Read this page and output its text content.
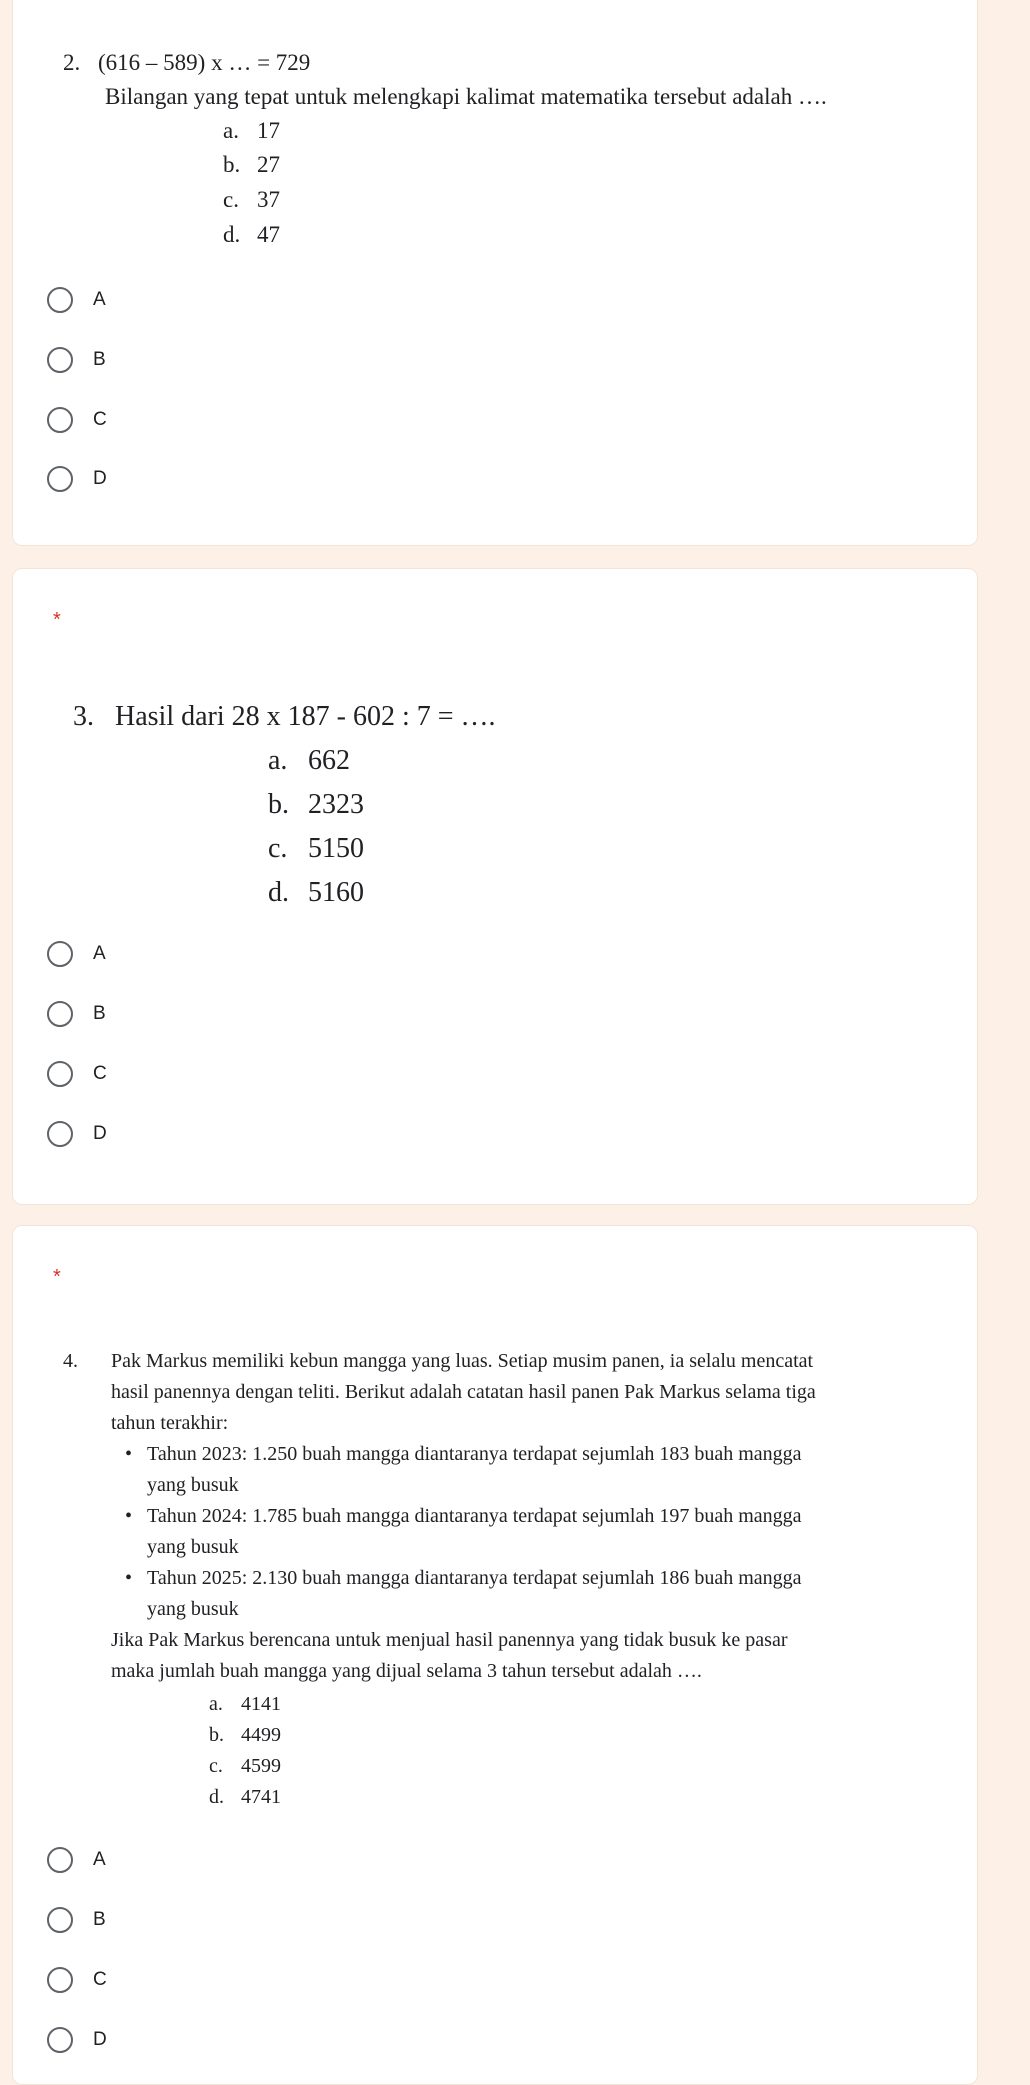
2. (616 – 589) x … = 729
Bilangan yang tepat untuk melengkapi kalimat matematika tersebut adalah ….
a. 17
b. 27
c. 37
d. 47
A
B
C
D
*
3. Hasil dari 28 x 187 - 602 : 7 = ….
a. 662
b. 2323
c. 5150
d. 5160
A
B
C
D
*
4. Pak Markus memiliki kebun mangga yang luas. Setiap musim panen, ia selalu mencatat
hasil panennya dengan teliti. Berikut adalah catatan hasil panen Pak Markus selama tiga
tahun terakhir:
• Tahun 2023: 1.250 buah mangga diantaranya terdapat sejumlah 183 buah mangga
yang busuk
• Tahun 2024: 1.785 buah mangga diantaranya terdapat sejumlah 197 buah mangga
yang busuk
• Tahun 2025: 2.130 buah mangga diantaranya terdapat sejumlah 186 buah mangga
yang busuk
Jika Pak Markus berencana untuk menjual hasil panennya yang tidak busuk ke pasar
maka jumlah buah mangga yang dijual selama 3 tahun tersebut adalah ….
a. 4141
b. 4499
c. 4599
d. 4741
A
B
C
D
